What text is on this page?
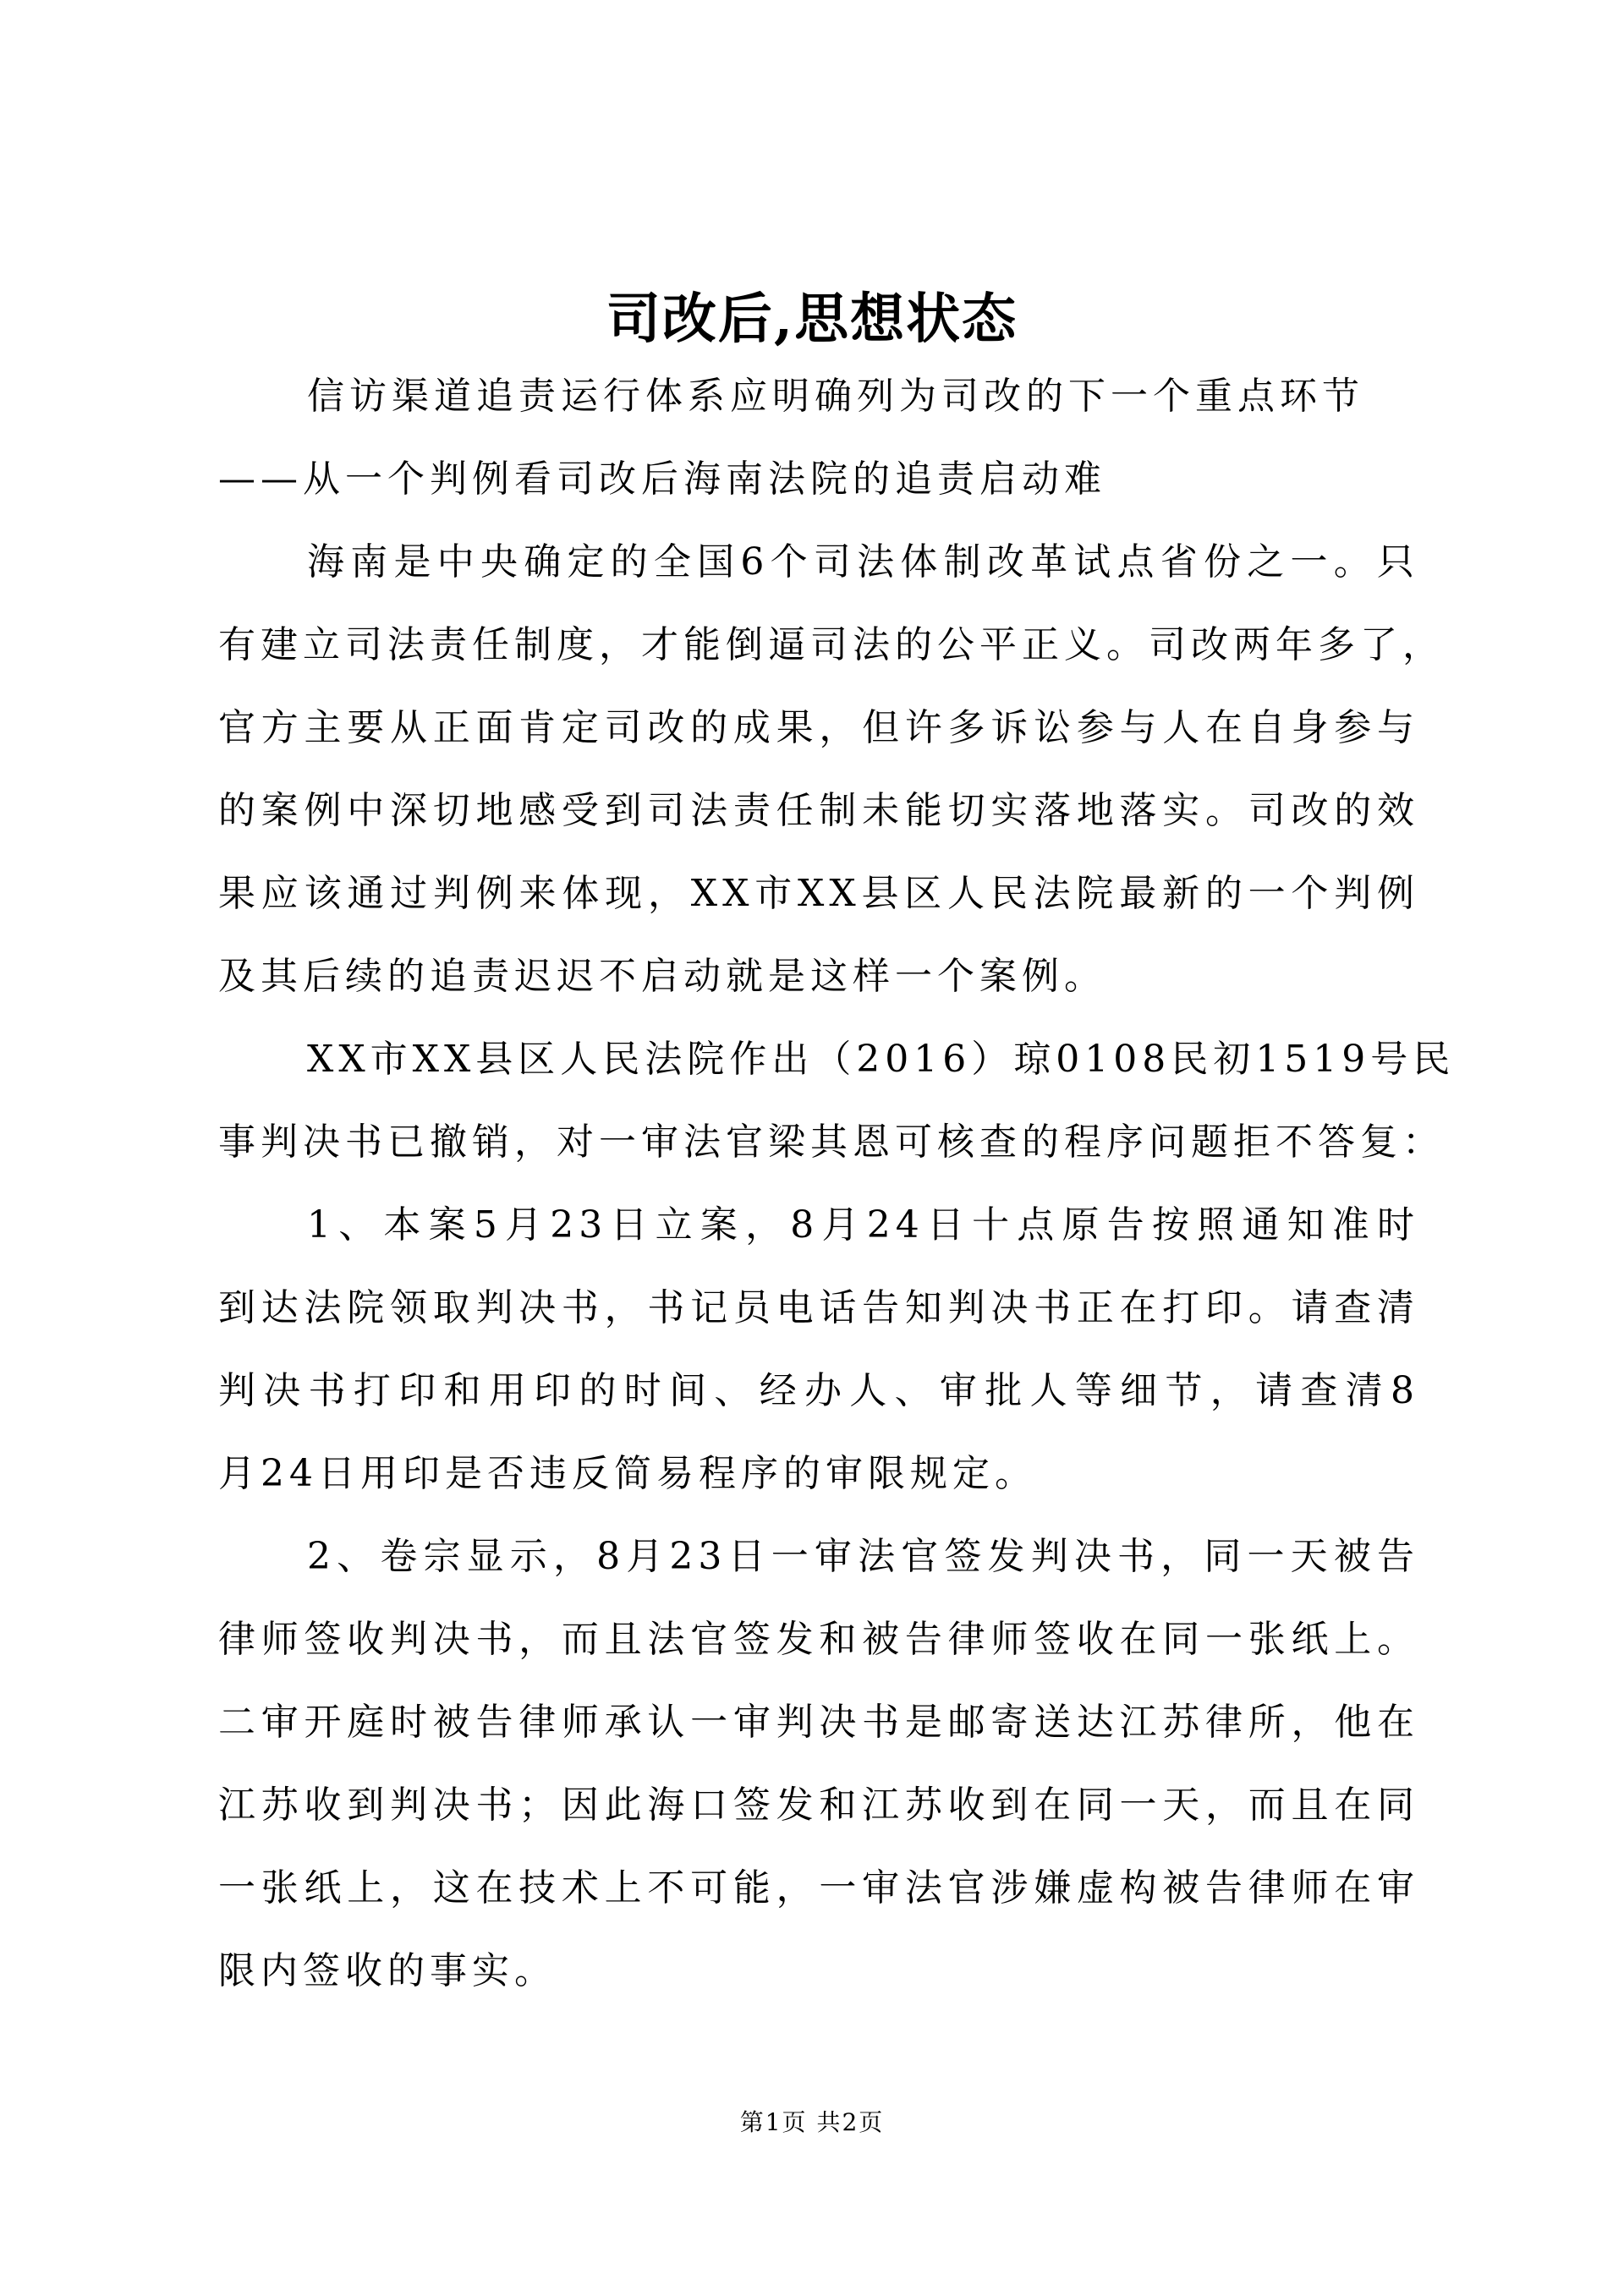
司改后,思想状态
信访渠道追责运行体系应明确列为司改的下一个重点环节
——从一个判例看司改后海南法院的追责启动难
海南是中央确定的全国6个司法体制改革试点省份之一。只
有建立司法责任制度，才能倒逼司法的公平正义。司改两年多了，
官方主要从正面肯定司改的成果，但许多诉讼参与人在自身参与
的案例中深切地感受到司法责任制未能切实落地落实。司改的效
果应该通过判例来体现，XX市XX县区人民法院最新的一个判例
及其后续的追责迟迟不启动就是这样一个案例。
XX市XX县区人民法院作出（2016）琼0108民初1519号民
事判决书已撤销，对一审法官梁其恩可核查的程序问题拒不答复：
1、本案5月23日立案，8月24日十点原告按照通知准时
到达法院领取判决书，书记员电话告知判决书正在打印。请查清
判决书打印和用印的时间、经办人、审批人等细节，请查清8
月24日用印是否违反简易程序的审限规定。
2、卷宗显示，8月23日一审法官签发判决书，同一天被告
律师签收判决书，而且法官签发和被告律师签收在同一张纸上。
二审开庭时被告律师承认一审判决书是邮寄送达江苏律所，他在
江苏收到判决书；因此海口签发和江苏收到在同一天，而且在同
一张纸上，这在技术上不可能，一审法官涉嫌虚构被告律师在审
限内签收的事实。
第1页 共2页
